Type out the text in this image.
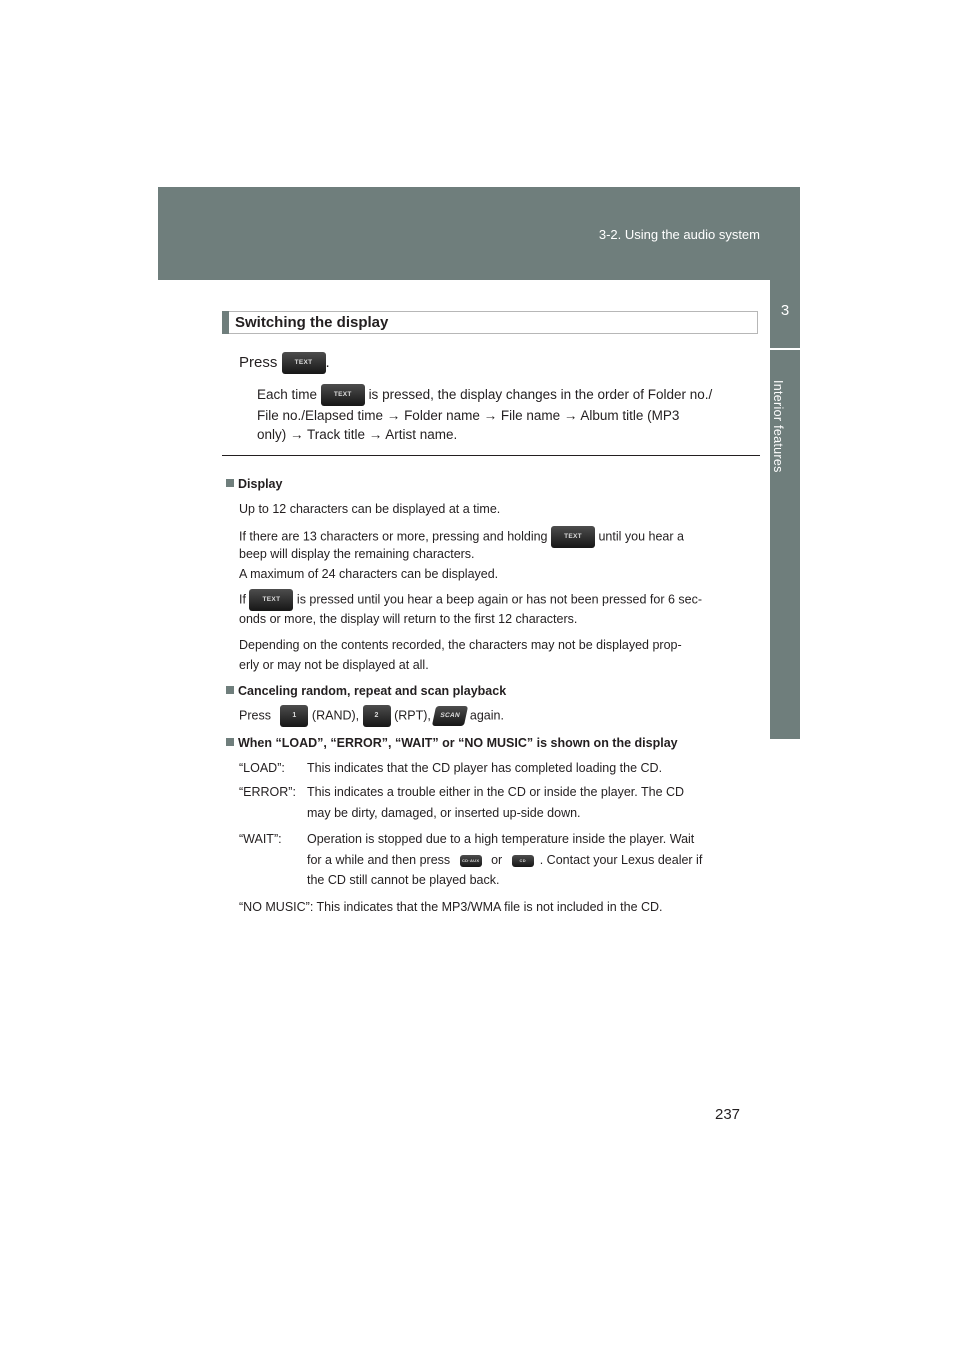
3-2. Using the audio system
3
Interior features
Switching the display
Press	TEXT .
Each time	TEXT is pressed, the display changes in the order of Folder no./
File no./Elapsed time → Folder name → File name → Album title (MP3
only) → Track title → Artist name.
Display
Up to 12 characters can be displayed at a time.
If there are 13 characters or more, pressing and holding	TEXT until you hear a
beep will display the remaining characters.
A maximum of 24 characters can be displayed.
If	TEXT is pressed until you hear a beep again or has not been pressed for 6 sec-
onds or more, the display will return to the first 12 characters.
Depending on the contents recorded, the characters may not be displayed prop-
erly or may not be displayed at all.
Canceling random, repeat and scan playback
Press	1 (RAND), 2 (RPT), SCAN again.
When “LOAD”, “ERROR”, “WAIT” or “NO MUSIC” is shown on the display
“LOAD”: This indicates that the CD player has completed loading the CD.
“ERROR”: This indicates a trouble either in the CD or inside the player. The CD
may be dirty, damaged, or inserted up-side down.
“WAIT”: Operation is stopped due to a high temperature inside the player. Wait
for a while and then press	CD·AUX or	CD . Contact your Lexus dealer if
the CD still cannot be played back.
“NO MUSIC”: This indicates that the MP3/WMA file is not included in the CD.
237
